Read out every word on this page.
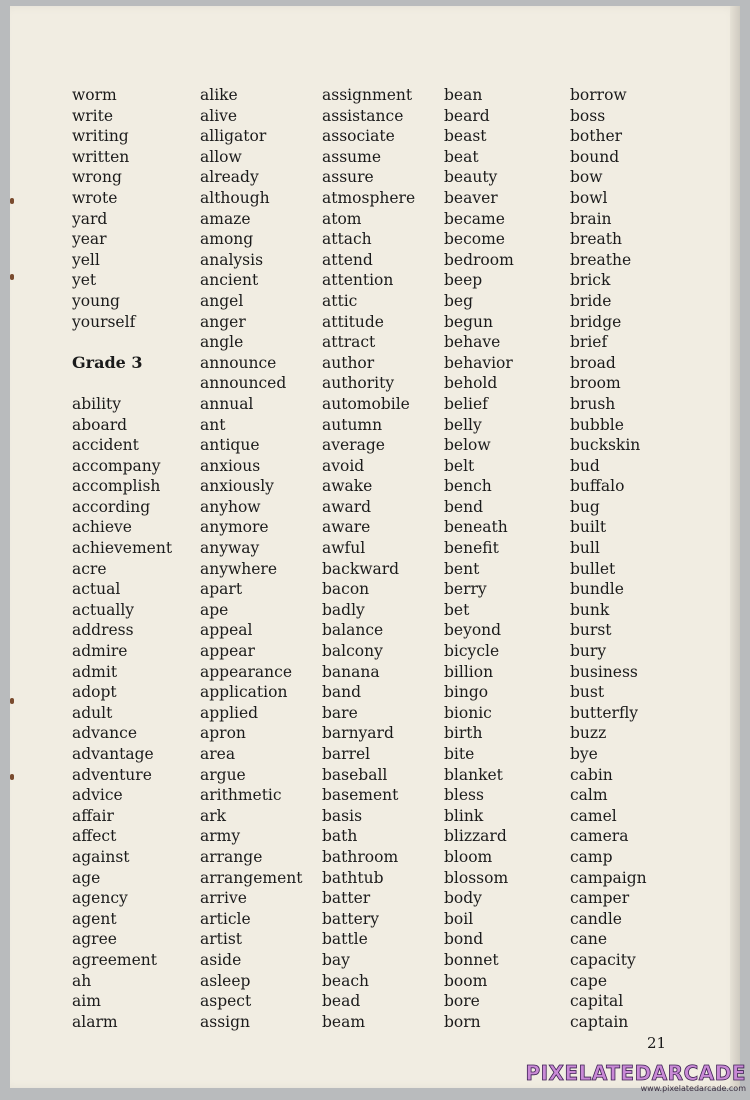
worm
write
writing
written
wrong
wrote
yard
year
yell
yet
young
yourself
Grade 3
ability
aboard
accident
accompany
accomplish
according
achieve
achievement
acre
actual
actually
address
admire
admit
adopt
adult
advance
advantage
adventure
advice
affair
affect
against
age
agency
agent
agree
agreement
ah
aim
alarm
alike
alive
alligator
allow
already
although
amaze
among
analysis
ancient
angel
anger
angle
announce
announced
annual
ant
antique
anxious
anxiously
anyhow
anymore
anyway
anywhere
apart
ape
appeal
appear
appearance
application
applied
apron
area
argue
arithmetic
ark
army
arrange
arrangement
arrive
article
artist
aside
asleep
aspect
assign
assignment
assistance
associate
assume
assure
atmosphere
atom
attach
attend
attention
attic
attitude
attract
author
authority
automobile
autumn
average
avoid
awake
award
aware
awful
backward
bacon
badly
balance
balcony
banana
band
bare
barnyard
barrel
baseball
basement
basis
bath
bathroom
bathtub
batter
battery
battle
bay
beach
bead
beam
bean
beard
beast
beat
beauty
beaver
became
become
bedroom
beep
beg
begun
behave
behavior
behold
belief
belly
below
belt
bench
bend
beneath
benefit
bent
berry
bet
beyond
bicycle
billion
bingo
bionic
birth
bite
blanket
bless
blink
blizzard
bloom
blossom
body
boil
bond
bonnet
boom
bore
born
borrow
boss
bother
bound
bow
bowl
brain
breath
breathe
brick
bride
bridge
brief
broad
broom
brush
bubble
buckskin
bud
buffalo
bug
built
bull
bullet
bundle
bunk
burst
bury
business
bust
butterfly
buzz
bye
cabin
calm
camel
camera
camp
campaign
camper
candle
cane
capacity
cape
capital
captain
21
PIXELATEDARCADE
www.pixelatedarcade.com
